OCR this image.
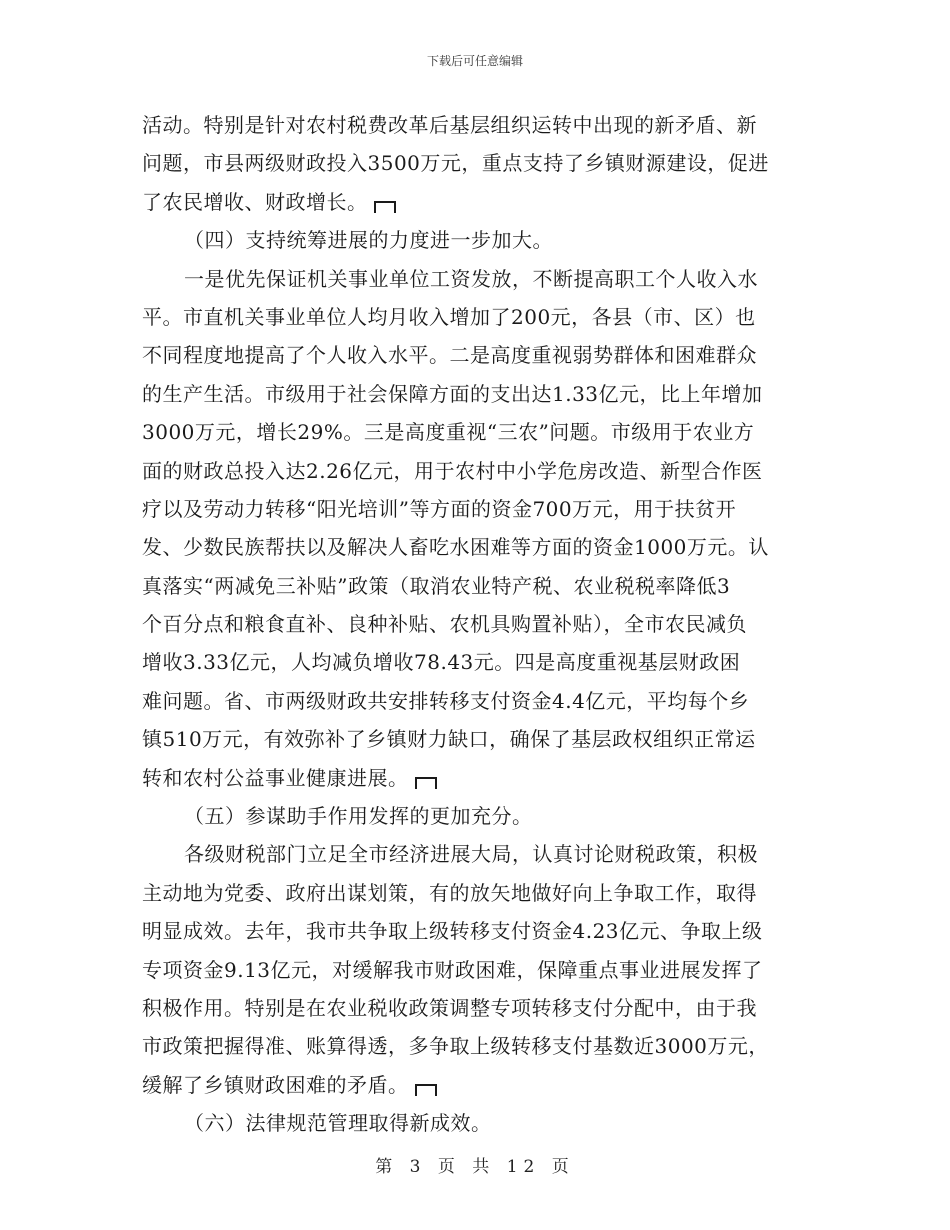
下载后可任意编辑
活动。特别是针对农村税费改革后基层组织运转中出现的新矛盾、新
问题，市县两级财政投入3500万元，重点支持了乡镇财源建设，促进
了农民增收、财政增长。
（四）支持统筹进展的力度进一步加大。
一是优先保证机关事业单位工资发放，不断提高职工个人收入水
平。市直机关事业单位人均月收入增加了200元，各县（市、区）也
不同程度地提高了个人收入水平。二是高度重视弱势群体和困难群众
的生产生活。市级用于社会保障方面的支出达1.33亿元，比上年增加
3000万元，增长29%。三是高度重视“三农”问题。市级用于农业方
面的财政总投入达2.26亿元，用于农村中小学危房改造、新型合作医
疗以及劳动力转移“阳光培训”等方面的资金700万元，用于扶贫开
发、少数民族帮扶以及解决人畜吃水困难等方面的资金1000万元。认
真落实“两减免三补贴”政策（取消农业特产税、农业税税率降低3
个百分点和粮食直补、良种补贴、农机具购置补贴），全市农民减负
增收3.33亿元，人均减负增收78.43元。四是高度重视基层财政困
难问题。省、市两级财政共安排转移支付资金4.4亿元，平均每个乡
镇510万元，有效弥补了乡镇财力缺口，确保了基层政权组织正常运
转和农村公益事业健康进展。
（五）参谋助手作用发挥的更加充分。
各级财税部门立足全市经济进展大局，认真讨论财税政策，积极
主动地为党委、政府出谋划策，有的放矢地做好向上争取工作，取得
明显成效。去年，我市共争取上级转移支付资金4.23亿元、争取上级
专项资金9.13亿元，对缓解我市财政困难，保障重点事业进展发挥了
积极作用。特别是在农业税收政策调整专项转移支付分配中，由于我
市政策把握得准、账算得透，多争取上级转移支付基数近3000万元，
缓解了乡镇财政困难的矛盾。
（六）法律规范管理取得新成效。
第 3 页 共 12 页
